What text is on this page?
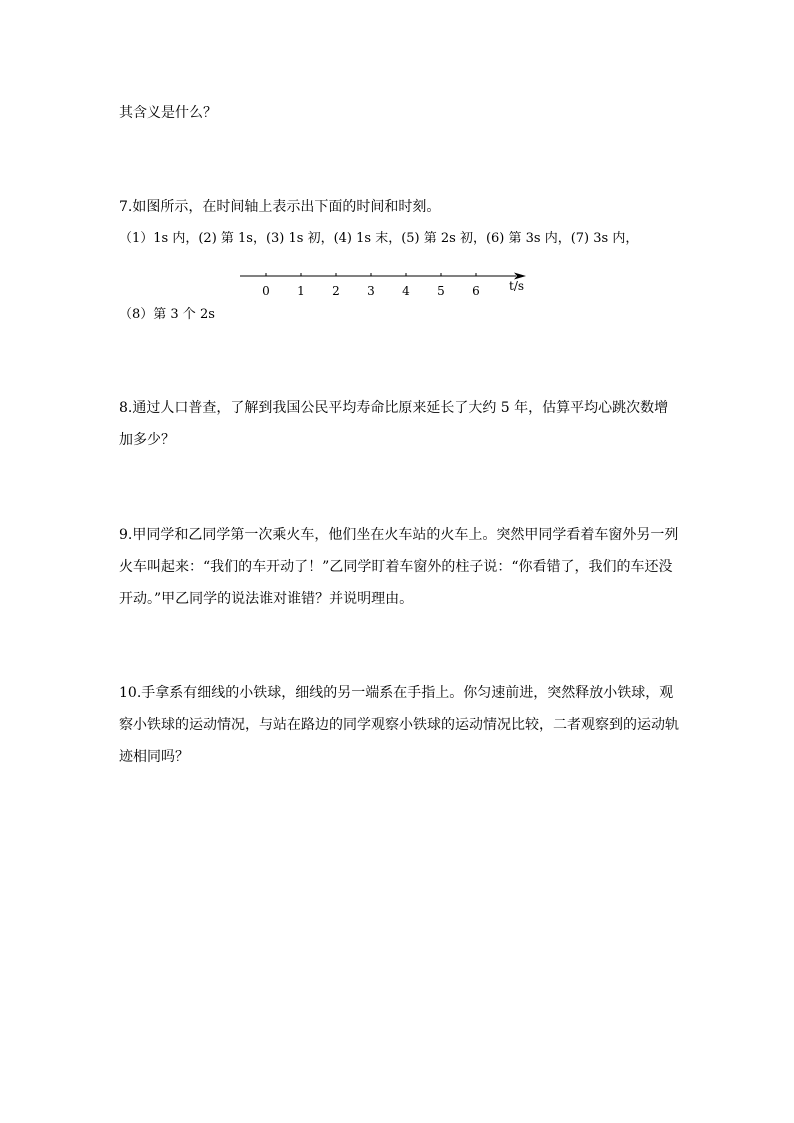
其含义是什么？
7.如图所示，在时间轴上表示出下面的时间和时刻。
（1）1s 内，(2) 第 1s，(3) 1s 初，(4) 1s 末，(5) 第 2s 初，(6) 第 3s 内，(7) 3s 内，
0 1 2 3 4 5 6 t/s
（8）第 3 个 2s
8.通过人口普查，了解到我国公民平均寿命比原来延长了大约 5 年，估算平均心跳次数增
加多少？
9.甲同学和乙同学第一次乘火车，他们坐在火车站的火车上。突然甲同学看着车窗外另一列
火车叫起来：“我们的车开动了！”乙同学盯着车窗外的柱子说：“你看错了，我们的车还没
开动。”甲乙同学的说法谁对谁错？并说明理由。
10.手拿系有细线的小铁球，细线的另一端系在手指上。你匀速前进，突然释放小铁球，观
察小铁球的运动情况，与站在路边的同学观察小铁球的运动情况比较，二者观察到的运动轨
迹相同吗？
